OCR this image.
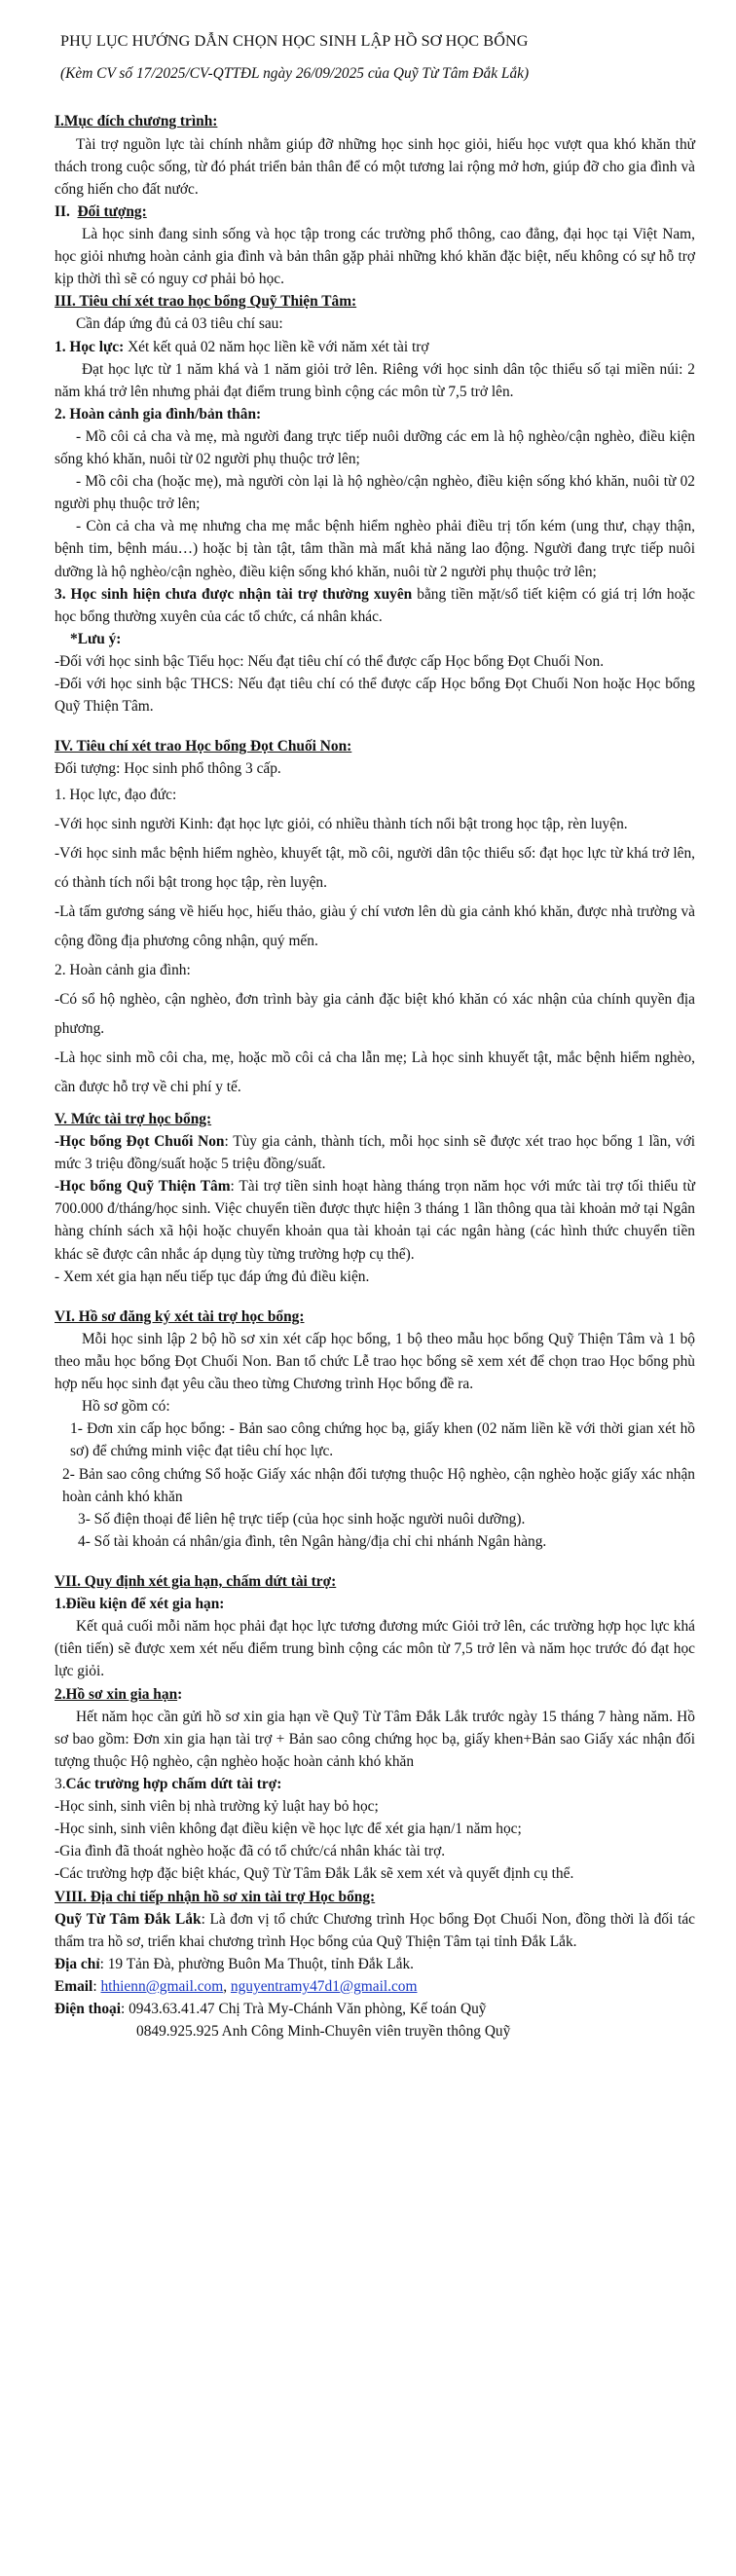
PHỤ LỤC HƯỚNG DẪN CHỌN HỌC SINH LẬP HỒ SƠ HỌC BỔNG

(Kèm CV số 17/2025/CV-QTTĐL ngày 26/09/2025 của Quỹ Từ Tâm Đắk Lắk)

I.Mục đích chương trình:

Tài trợ nguồn lực tài chính nhằm giúp đỡ những học sinh học giỏi, hiếu học vượt qua khó khăn thử thách trong cuộc sống, từ đó phát triển bản thân để có một tương lai rộng mở hơn, giúp đỡ cho gia đình và cống hiến cho đất nước.

II. Đối tượng:

Là học sinh đang sinh sống và học tập trong các trường phổ thông, cao đẳng, đại học tại Việt Nam, học giỏi nhưng hoàn cảnh gia đình và bản thân gặp phải những khó khăn đặc biệt, nếu không có sự hỗ trợ kịp thời thì sẽ có nguy cơ phải bỏ học.

III. Tiêu chí xét trao học bổng Quỹ Thiện Tâm:

Cần đáp ứng đủ cả 03 tiêu chí sau:

1. Học lực: Xét kết quả 02 năm học liền kề với năm xét tài trợ

Đạt học lực từ 1 năm khá và 1 năm giỏi trở lên. Riêng với học sinh dân tộc thiểu số tại miền núi: 2 năm khá trở lên nhưng phải đạt điểm trung bình cộng các môn từ 7,5 trở lên.

2. Hoàn cảnh gia đình/bản thân:

- Mồ côi cả cha và mẹ, mà người đang trực tiếp nuôi dưỡng các em là hộ nghèo/cận nghèo, điều kiện sống khó khăn, nuôi từ 02 người phụ thuộc trở lên;

- Mồ côi cha (hoặc mẹ), mà người còn lại là hộ nghèo/cận nghèo, điều kiện sống khó khăn, nuôi từ 02 người phụ thuộc trở lên;

- Còn cả cha và mẹ nhưng cha mẹ mắc bệnh hiểm nghèo phải điều trị tốn kém (ung thư, chạy thận, bệnh tim, bệnh máu…) hoặc bị tàn tật, tâm thần mà mất khả năng lao động. Người đang trực tiếp nuôi dưỡng là hộ nghèo/cận nghèo, điều kiện sống khó khăn, nuôi từ 2 người phụ thuộc trở lên;

3. Học sinh hiện chưa được nhận tài trợ thường xuyên bằng tiền mặt/sổ tiết kiệm có giá trị lớn hoặc học bổng thường xuyên của các tổ chức, cá nhân khác.

*Lưu ý:

-Đối với học sinh bậc Tiểu học: Nếu đạt tiêu chí có thể được cấp Học bổng Đọt Chuối Non.

-Đối với học sinh bậc THCS: Nếu đạt tiêu chí có thể được cấp Học bổng Đọt Chuối Non hoặc Học bổng Quỹ Thiện Tâm.

IV. Tiêu chí xét trao Học bổng Đọt Chuối Non:

Đối tượng: Học sinh phổ thông 3 cấp.

1. Học lực, đạo đức:

-Với học sinh người Kinh: đạt học lực giỏi, có nhiều thành tích nổi bật trong học tập, rèn luyện.

-Với học sinh mắc bệnh hiểm nghèo, khuyết tật, mồ côi, người dân tộc thiểu số: đạt học lực từ khá trở lên, có thành tích nổi bật trong học tập, rèn luyện.

-Là tấm gương sáng về hiếu học, hiếu thảo, giàu ý chí vươn lên dù gia cảnh khó khăn, được nhà trường và cộng đồng địa phương công nhận, quý mến.

2. Hoàn cảnh gia đình:

-Có sổ hộ nghèo, cận nghèo, đơn trình bày gia cảnh đặc biệt khó khăn có xác nhận của chính quyền địa phương.

-Là học sinh mồ côi cha, mẹ, hoặc mồ côi cả cha lẫn mẹ; Là học sinh khuyết tật, mắc bệnh hiểm nghèo, cần được hỗ trợ về chi phí y tế.

V. Mức tài trợ học bổng:

-Học bổng Đọt Chuối Non: Tùy gia cảnh, thành tích, mỗi học sinh sẽ được xét trao học bổng 1 lần, với mức 3 triệu đồng/suất hoặc 5 triệu đồng/suất.

-Học bổng Quỹ Thiện Tâm: Tài trợ tiền sinh hoạt hàng tháng trọn năm học với mức tài trợ tối thiểu từ 700.000 đ/tháng/học sinh. Việc chuyển tiền được thực hiện 3 tháng 1 lần thông qua tài khoản mở tại Ngân hàng chính sách xã hội hoặc chuyển khoản qua tài khoản tại các ngân hàng (các hình thức chuyển tiền khác sẽ được cân nhắc áp dụng tùy từng trường hợp cụ thể).

- Xem xét gia hạn nếu tiếp tục đáp ứng đủ điều kiện.

VI. Hồ sơ đăng ký xét tài trợ học bổng:

Mỗi học sinh lập 2 bộ hồ sơ xin xét cấp học bổng, 1 bộ theo mẫu học bổng Quỹ Thiện Tâm và 1 bộ theo mẫu học bổng Đọt Chuối Non. Ban tổ chức Lễ trao học bổng sẽ xem xét để chọn trao Học bổng phù hợp nếu học sinh đạt yêu cầu theo từng Chương trình Học bổng đề ra.

Hồ sơ gồm có:

1- Đơn xin cấp học bổng: - Bản sao công chứng học bạ, giấy khen (02 năm liền kề với thời gian xét hồ sơ) để chứng minh việc đạt tiêu chí học lực.

2- Bản sao công chứng Sổ hoặc Giấy xác nhận đối tượng thuộc Hộ nghèo, cận nghèo hoặc giấy xác nhận hoàn cảnh khó khăn

3- Số điện thoại để liên hệ trực tiếp (của học sinh hoặc người nuôi dưỡng).

4- Số tài khoản cá nhân/gia đình, tên Ngân hàng/địa chỉ chi nhánh Ngân hàng.

VII. Quy định xét gia hạn, chấm dứt tài trợ:

1.Điều kiện để xét gia hạn:

Kết quả cuối mỗi năm học phải đạt học lực tương đương mức Giỏi trở lên, các trường hợp học lực khá (tiên tiến) sẽ được xem xét nếu điểm trung bình cộng các môn từ 7,5 trở lên và năm học trước đó đạt học lực giỏi.

2.Hồ sơ xin gia hạn:

Hết năm học cần gửi hồ sơ xin gia hạn về Quỹ Từ Tâm Đắk Lắk trước ngày 15 tháng 7 hàng năm. Hồ sơ bao gồm: Đơn xin gia hạn tài trợ + Bản sao công chứng học bạ, giấy khen+Bản sao Giấy xác nhận đối tượng thuộc Hộ nghèo, cận nghèo hoặc hoàn cảnh khó khăn

3.Các trường hợp chấm dứt tài trợ:

-Học sinh, sinh viên bị nhà trường kỷ luật hay bỏ học;

-Học sinh, sinh viên không đạt điều kiện về học lực để xét gia hạn/1 năm học;

-Gia đình đã thoát nghèo hoặc đã có tổ chức/cá nhân khác tài trợ.

-Các trường hợp đặc biệt khác, Quỹ Từ Tâm Đắk Lắk sẽ xem xét và quyết định cụ thể.

VIII. Địa chỉ tiếp nhận hồ sơ xin tài trợ Học bổng:

Quỹ Từ Tâm Đắk Lắk: Là đơn vị tổ chức Chương trình Học bổng Đọt Chuối Non, đồng thời là đối tác thẩm tra hồ sơ, triển khai chương trình Học bổng của Quỹ Thiện Tâm tại tỉnh Đắk Lắk.

Địa chỉ: 19 Tản Đà, phường Buôn Ma Thuột, tỉnh Đắk Lắk.

Email: hthienn@gmail.com, nguyentramy47d1@gmail.com

Điện thoại: 0943.63.41.47 Chị Trà My-Chánh Văn phòng, Kế toán Quỹ

0849.925.925 Anh Công Minh-Chuyên viên truyền thông Quỹ
